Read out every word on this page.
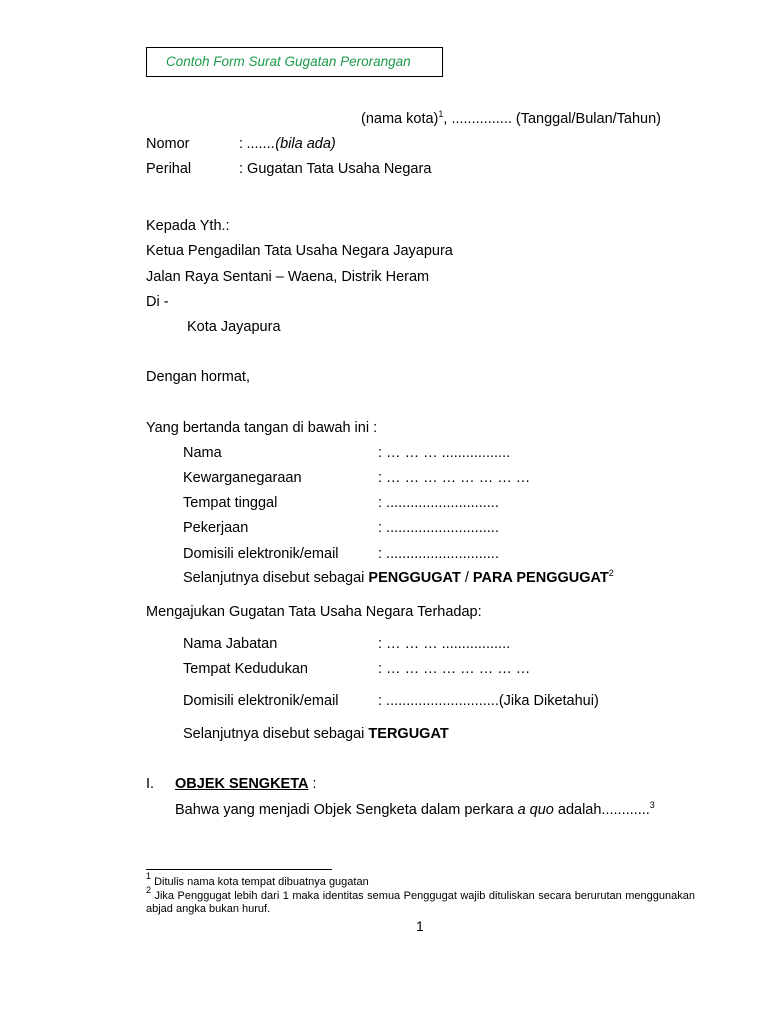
Contoh Form Surat Gugatan Perorangan
(nama kota)$^1$, ............... (Tanggal/Bulan/Tahun)
Nomor	: .......(bila ada)
Perihal	: Gugatan Tata Usaha Negara
Kepada Yth.:
Ketua Pengadilan Tata Usaha Negara Jayapura
Jalan Raya Sentani – Waena, Distrik Heram
Di -
Kota Jayapura
Dengan hormat,
Yang bertanda tangan di bawah ini :
Nama	: … … … .................
Kewarganegaraan	: … … … … … … … …
Tempat tinggal	: ............................
Pekerjaan	: ............................
Domisili elektronik/email	: ............................
Selanjutnya disebut sebagai PENGGUGAT / PARA PENGGUGAT$^2$
Mengajukan Gugatan Tata Usaha Negara Terhadap:
Nama Jabatan	: … … … .................
Tempat Kedudukan	: … … … … … … … …
Domisili elektronik/email	: ............................(Jika Diketahui)
Selanjutnya disebut sebagai TERGUGAT
I. OBJEK SENGKETA :
Bahwa yang menjadi Objek Sengketa dalam perkara a quo adalah............$^3$
$^1$ Ditulis nama kota tempat dibuatnya gugatan
$^2$ Jika Penggugat lebih dari 1 maka identitas semua Penggugat wajib dituliskan secara berurutan menggunakan abjad angka bukan huruf.
1
